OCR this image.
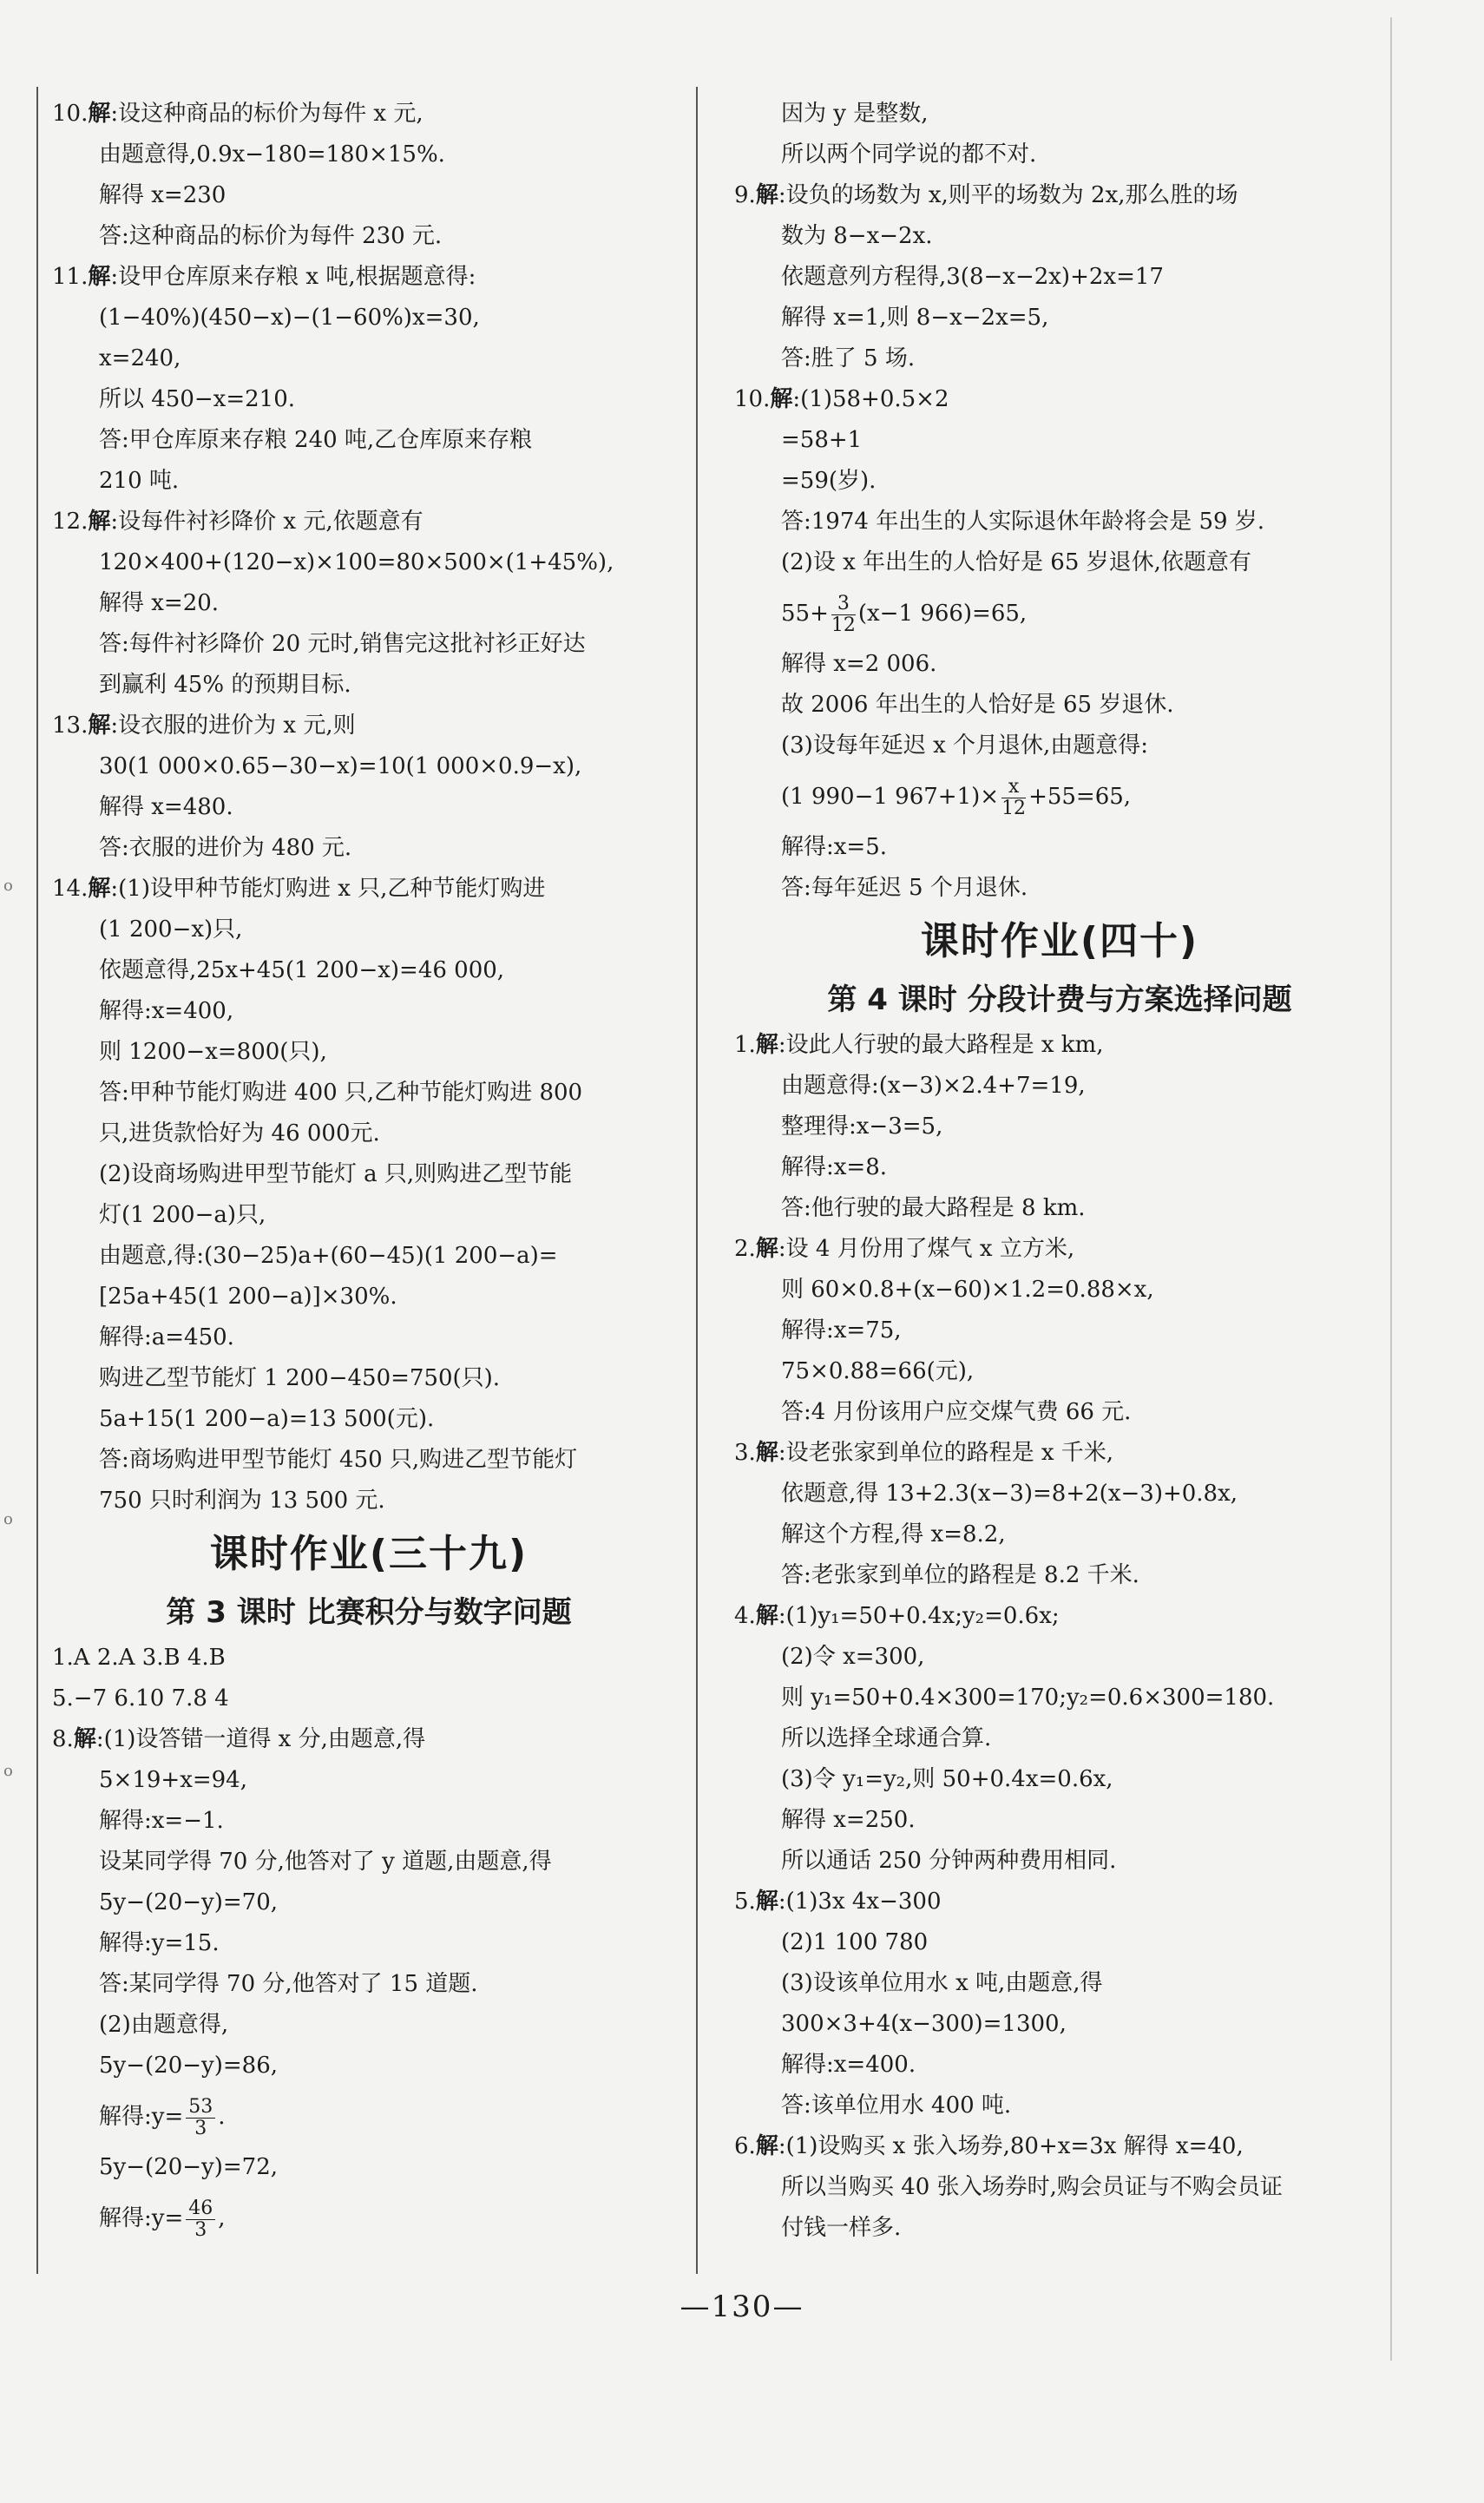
o
o
o
10.解:设这种商品的标价为每件 x 元,
由题意得,0.9x−180=180×15%.
解得 x=230
答:这种商品的标价为每件 230 元.
11.解:设甲仓库原来存粮 x 吨,根据题意得:
(1−40%)(450−x)−(1−60%)x=30,
x=240,
所以 450−x=210.
答:甲仓库原来存粮 240 吨,乙仓库原来存粮
210 吨.
12.解:设每件衬衫降价 x 元,依题意有
120×400+(120−x)×100=80×500×(1+45%),
解得 x=20.
答:每件衬衫降价 20 元时,销售完这批衬衫正好达
到赢利 45% 的预期目标.
13.解:设衣服的进价为 x 元,则
30(1 000×0.65−30−x)=10(1 000×0.9−x),
解得 x=480.
答:衣服的进价为 480 元.
14.解:(1)设甲种节能灯购进 x 只,乙种节能灯购进
(1 200−x)只,
依题意得,25x+45(1 200−x)=46 000,
解得:x=400,
则 1200−x=800(只),
答:甲种节能灯购进 400 只,乙种节能灯购进 800
只,进货款恰好为 46 000元.
(2)设商场购进甲型节能灯 a 只,则购进乙型节能
灯(1 200−a)只,
由题意,得:(30−25)a+(60−45)(1 200−a)=
[25a+45(1 200−a)]×30%.
解得:a=450.
购进乙型节能灯 1 200−450=750(只).
5a+15(1 200−a)=13 500(元).
答:商场购进甲型节能灯 450 只,购进乙型节能灯
750 只时利润为 13 500 元.
课时作业(三十九)
第 3 课时 比赛积分与数字问题
1.A 2.A 3.B 4.B
5.−7 6.10 7.8 4
8.解:(1)设答错一道得 x 分,由题意,得
5×19+x=94,
解得:x=−1.
设某同学得 70 分,他答对了 y 道题,由题意,得
5y−(20−y)=70,
解得:y=15.
答:某同学得 70 分,他答对了 15 道题.
(2)由题意得,
5y−(20−y)=86,
解得:y= $\frac{53}{3}$ .
5y−(20−y)=72,
解得:y= $\frac{46}{3}$ ,
因为 y 是整数,
所以两个同学说的都不对.
9.解:设负的场数为 x,则平的场数为 2x,那么胜的场
数为 8−x−2x.
依题意列方程得,3(8−x−2x)+2x=17
解得 x=1,则 8−x−2x=5,
答:胜了 5 场.
10.解:(1)58+0.5×2
=58+1
=59(岁).
答:1974 年出生的人实际退休年龄将会是 59 岁.
(2)设 x 年出生的人恰好是 65 岁退休,依题意有
$55+ \frac{3}{12} (x-1$ 966)=65,
解得 x=2 006.
故 2006 年出生的人恰好是 65 岁退休.
(3)设每年延迟 x 个月退休,由题意得:
(1 990−1 $967+1)\times \frac{x}{12} +55=65$,
解得:x=5.
答:每年延迟 5 个月退休.
课时作业(四十)
第 4 课时 分段计费与方案选择问题
1.解:设此人行驶的最大路程是 x km,
由题意得:(x−3)×2.4+7=19,
整理得:x−3=5,
解得:x=8.
答:他行驶的最大路程是 8 km.
2.解:设 4 月份用了煤气 x 立方米,
则 60×0.8+(x−60)×1.2=0.88×x,
解得:x=75,
75×0.88=66(元),
答:4 月份该用户应交煤气费 66 元.
3.解:设老张家到单位的路程是 x 千米,
依题意,得 13+2.3(x−3)=8+2(x−3)+0.8x,
解这个方程,得 x=8.2,
答:老张家到单位的路程是 8.2 千米.
4.解:(1)y₁=50+0.4x;y₂=0.6x;
(2)令 x=300,
则 y₁=50+0.4×300=170;y₂=0.6×300=180.
所以选择全球通合算.
(3)令 y₁=y₂,则 50+0.4x=0.6x,
解得 x=250.
所以通话 250 分钟两种费用相同.
5.解:(1)3x 4x−300
(2)1 100 780
(3)设该单位用水 x 吨,由题意,得
300×3+4(x−300)=1300,
解得:x=400.
答:该单位用水 400 吨.
6.解:(1)设购买 x 张入场券,80+x=3x 解得 x=40,
所以当购买 40 张入场券时,购会员证与不购会员证
付钱一样多.
—130—
